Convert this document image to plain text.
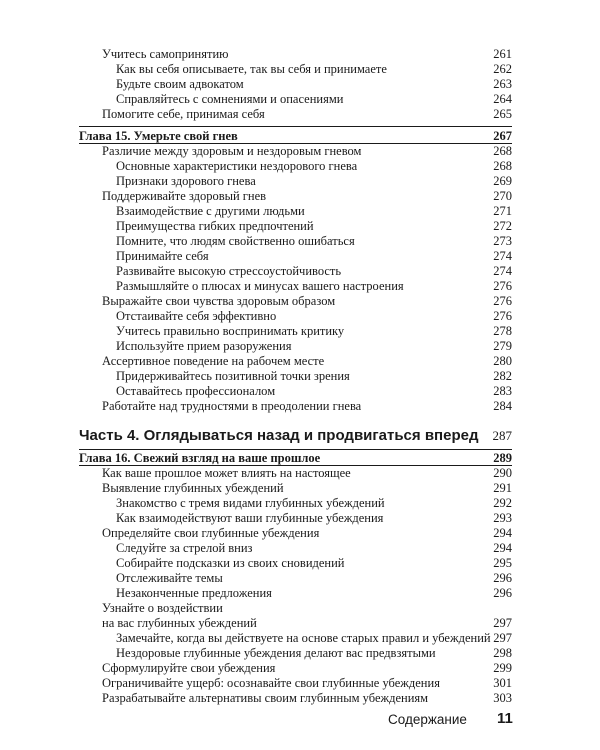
Учитесь самопринятию	261
Как вы себя описываете, так вы себя и принимаете	262
Будьте своим адвокатом	263
Справляйтесь с сомнениями и опасениями	264
Помогите себе, принимая себя	265
Глава 15. Умерьте свой гнев	267
Различие между здоровым и нездоровым гневом	268
Основные характеристики нездорового гнева	268
Признаки здорового гнева	269
Поддерживайте здоровый гнев	270
Взаимодействие с другими людьми	271
Преимущества гибких предпочтений	272
Помните, что людям свойственно ошибаться	273
Принимайте себя	274
Развивайте высокую стрессоустойчивость	274
Размышляйте о плюсах и минусах вашего настроения	276
Выражайте свои чувства здоровым образом	276
Отстаивайте себя эффективно	276
Учитесь правильно воспринимать критику	278
Используйте прием разоружения	279
Ассертивное поведение на рабочем месте	280
Придерживайтесь позитивной точки зрения	282
Оставайтесь профессионалом	283
Работайте над трудностями в преодолении гнева	284
Часть 4. Оглядываться назад и продвигаться вперед	287
Глава 16. Свежий взгляд на ваше прошлое	289
Как ваше прошлое может влиять на настоящее	290
Выявление глубинных убеждений	291
Знакомство с тремя видами глубинных убеждений	292
Как взаимодействуют ваши глубинные убеждения	293
Определяйте свои глубинные убеждения	294
Следуйте за стрелой вниз	294
Собирайте подсказки из своих сновидений	295
Отслеживайте темы	296
Незаконченные предложения	296
Узнайте о воздействии
на вас глубинных убеждений	297
Замечайте, когда вы действуете на основе старых правил и убеждений 297
Нездоровые глубинные убеждения делают вас предвзятыми	298
Сформулируйте свои убеждения	299
Ограничивайте ущерб: осознавайте свои глубинные убеждения	301
Разрабатывайте альтернативы своим глубинным убеждениям	303
Содержание 11
